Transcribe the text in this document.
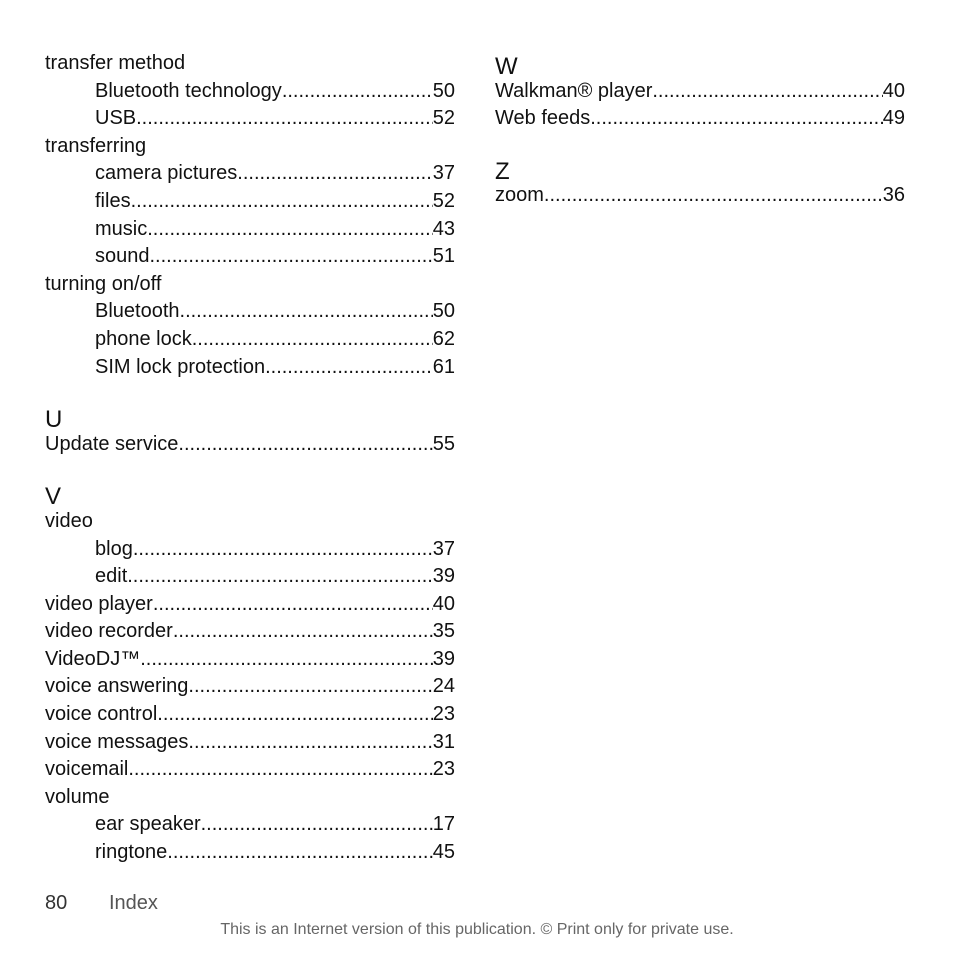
transfer method
Bluetooth technology .....	50
USB .....	52
transferring
camera pictures .....	37
files .....	52
music .....	43
sound .....	51
turning on/off
Bluetooth .....	50
phone lock .....	62
SIM lock protection .....	61
U
Update service .....	55
V
video
blog .....	37
edit .....	39
video player .....	40
video recorder .....	35
VideoDJ™ .....	39
voice answering .....	24
voice control .....	23
voice messages .....	31
voicemail .....	23
volume
ear speaker .....	17
ringtone .....	45
W
Walkman® player .....	40
Web feeds .....	49
Z
zoom .....	36
80 Index
This is an Internet version of this publication. © Print only for private use.
